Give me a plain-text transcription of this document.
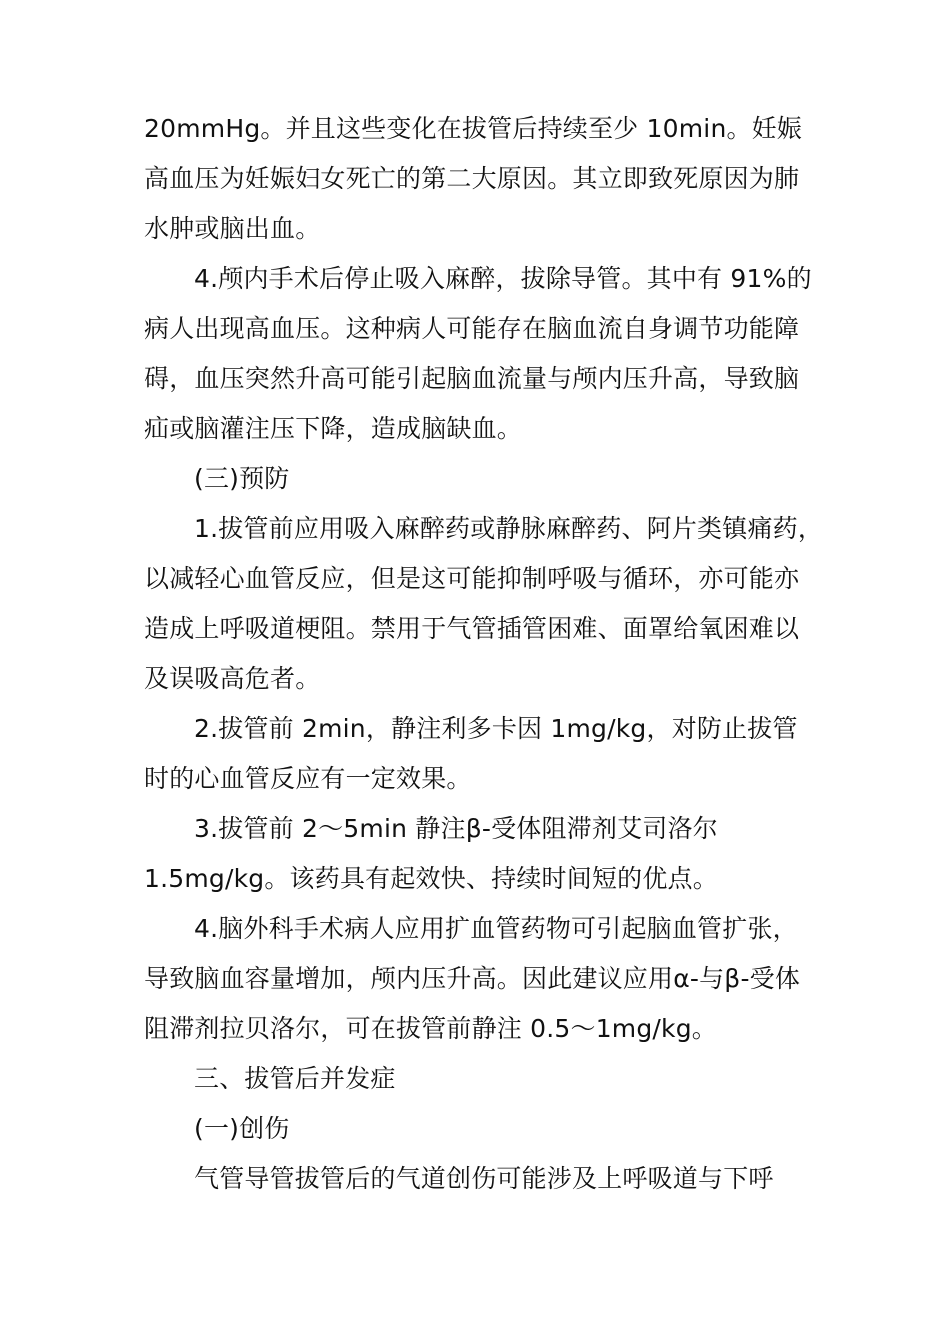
20mmHg。并且这些变化在拔管后持续至少 10min。妊娠
高血压为妊娠妇女死亡的第二大原因。其立即致死原因为肺
水肿或脑出血。
4.颅内手术后停止吸入麻醉，拔除导管。其中有 91%的
病人出现高血压。这种病人可能存在脑血流自身调节功能障
碍，血压突然升高可能引起脑血流量与颅内压升高，导致脑
疝或脑灌注压下降，造成脑缺血。
(三)预防
1.拔管前应用吸入麻醉药或静脉麻醉药、阿片类镇痛药，
以减轻心血管反应，但是这可能抑制呼吸与循环，亦可能亦
造成上呼吸道梗阻。禁用于气管插管困难、面罩给氧困难以
及误吸高危者。
2.拔管前 2min，静注利多卡因 1mg/kg，对防止拔管
时的心血管反应有一定效果。
3.拔管前 2～5min 静注β-受体阻滞剂艾司洛尔
1.5mg/kg。该药具有起效快、持续时间短的优点。
4.脑外科手术病人应用扩血管药物可引起脑血管扩张，
导致脑血容量增加，颅内压升高。因此建议应用α-与β-受体
阻滞剂拉贝洛尔，可在拔管前静注 0.5～1mg/kg。
三、拔管后并发症
(一)创伤
气管导管拔管后的气道创伤可能涉及上呼吸道与下呼
